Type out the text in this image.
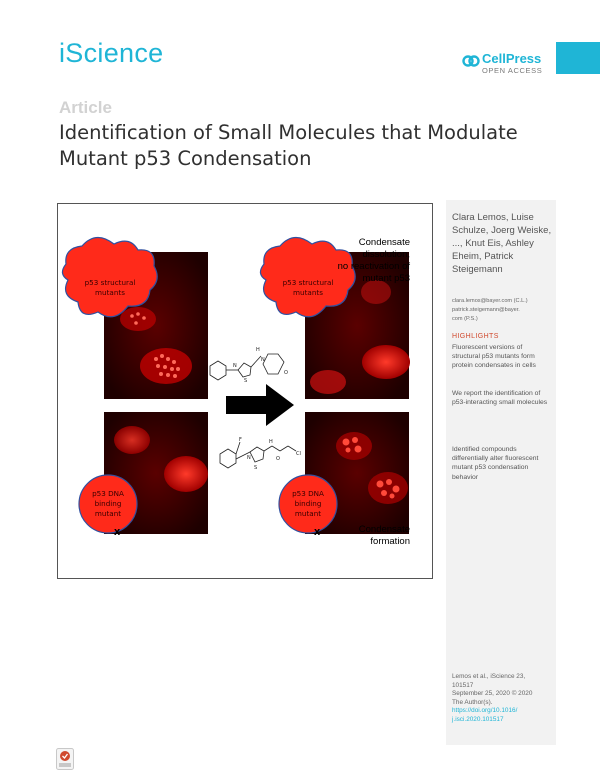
iScience	CellPress
OPEN ACCESS
Article
Identification of Small Molecules that Modulate Mutant p53 Condensation
p53 structural
mutants
p53 structural
mutants
p53 DNA
binding
mutant
p53 DNA
binding
mutant
X	X
Condensate
dissolution,
no reactivation of
mutant p53
Condensate
formation
N
H
S
N
O
F
N
S
H
O
Cl
Clara Lemos, Luise Schulze, Joerg Weiske, ..., Knut Eis, Ashley Eheim, Patrick Steigemann
clara.lemos@bayer.com (C.L.)
patrick.steigemann@bayer.
com (P.S.)
HIGHLIGHTS
Fluorescent versions of structural p53 mutants form protein condensates in cells
We report the identification of p53-interacting small molecules
Identified compounds differentially alter fluorescent mutant p53 condensation behavior
Lemos et al., iScience 23,
101517
September 25, 2020 © 2020
The Author(s).
https://doi.org/10.1016/
j.isci.2020.101517
